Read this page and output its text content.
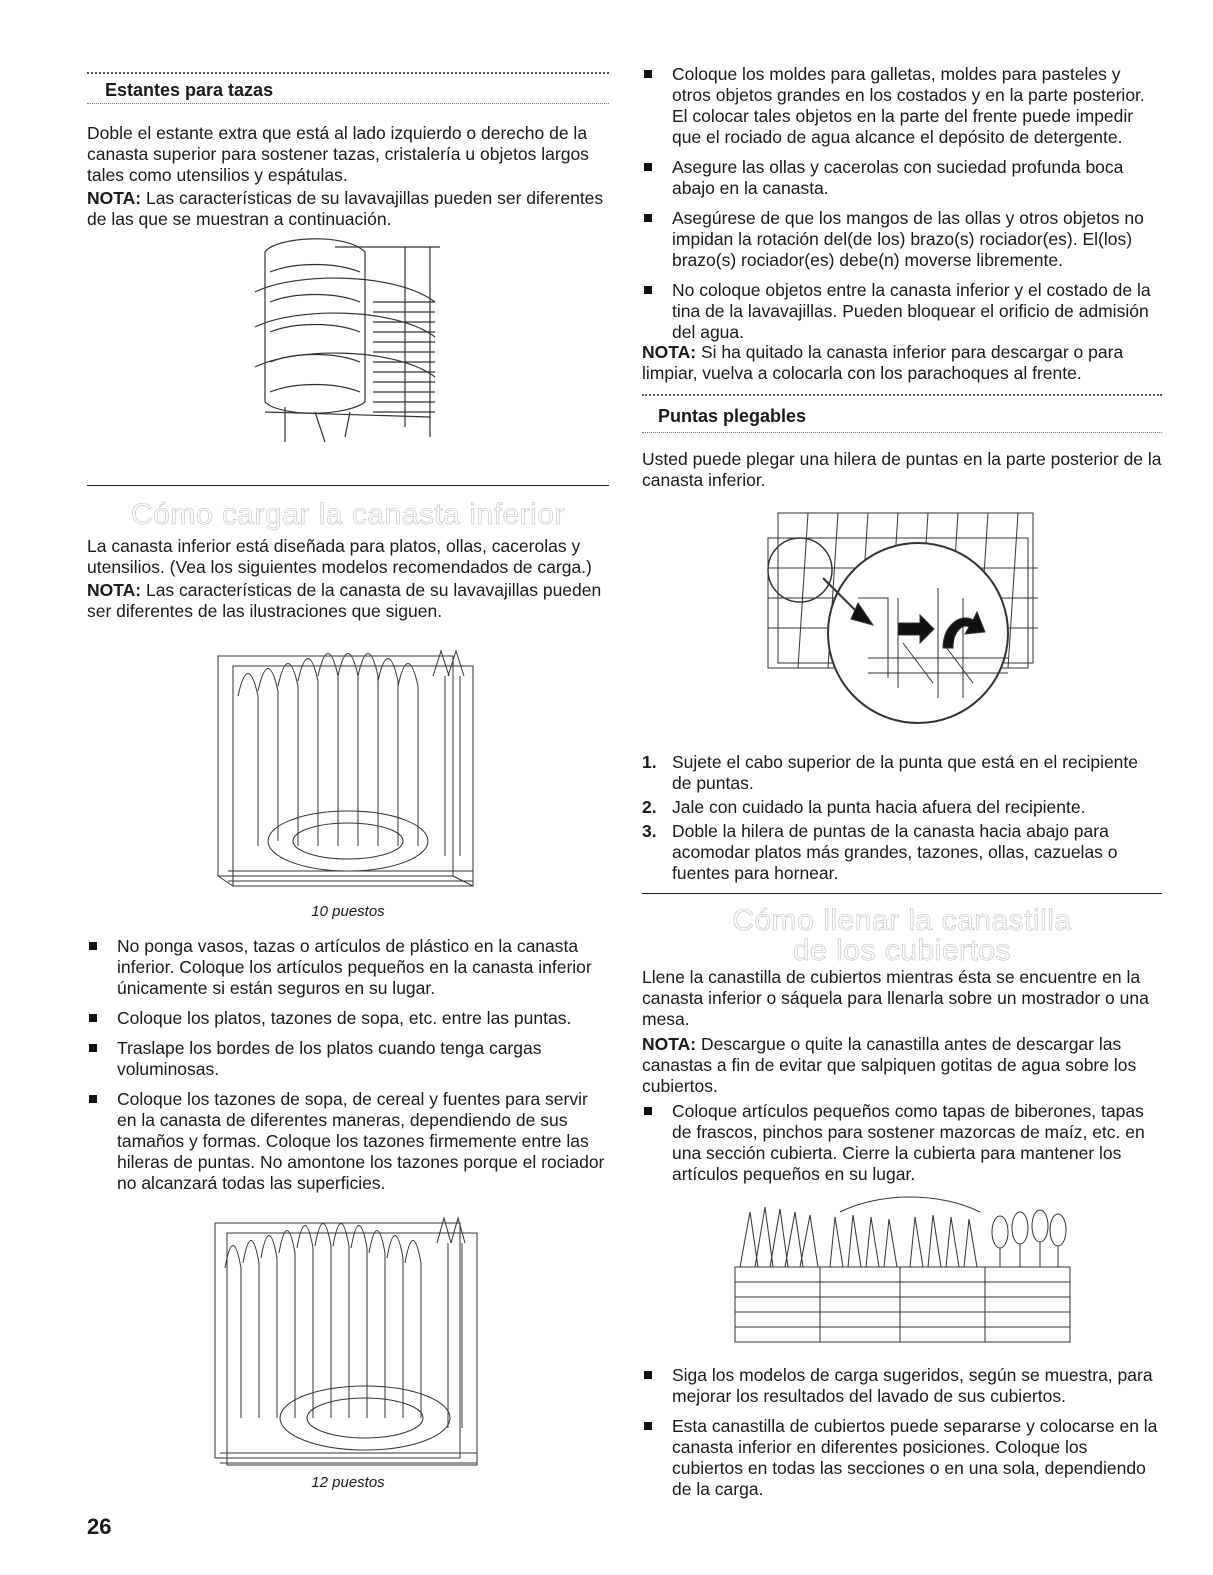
Estantes para tazas

Doble el estante extra que está al lado izquierdo o derecho de la canasta superior para sostener tazas, cristalería u objetos largos tales como utensilios y espátulas.

NOTA: Las características de su lavavajillas pueden ser diferentes de las que se muestran a continuación.

Cómo cargar la canasta inferior

La canasta inferior está diseñada para platos, ollas, cacerolas y utensilios. (Vea los siguientes modelos recomendados de carga.)

NOTA: Las características de la canasta de su lavavajillas pueden ser diferentes de las ilustraciones que siguen.

10 puestos
No ponga vasos, tazas o artículos de plástico en la canasta inferior. Coloque los artículos pequeños en la canasta inferior únicamente si están seguros en su lugar.
Coloque los platos, tazones de sopa, etc. entre las puntas.
Traslape los bordes de los platos cuando tenga cargas voluminosas.
Coloque los tazones de sopa, de cereal y fuentes para servir en la canasta de diferentes maneras, dependiendo de sus tamaños y formas. Coloque los tazones firmemente entre las hileras de puntas. No amontone los tazones porque el rociador no alcanzará todas las superficies.
12 puestos
26
Coloque los moldes para galletas, moldes para pasteles y otros objetos grandes en los costados y en la parte posterior. El colocar tales objetos en la parte del frente puede impedir que el rociado de agua alcance el depósito de detergente.
Asegure las ollas y cacerolas con suciedad profunda boca abajo en la canasta.
Asegúrese de que los mangos de las ollas y otros objetos no impidan la rotación del(de los) brazo(s) rociador(es). El(los) brazo(s) rociador(es) debe(n) moverse libremente.
No coloque objetos entre la canasta inferior y el costado de la tina de la lavavajillas. Pueden bloquear el orificio de admisión del agua.

NOTA: Si ha quitado la canasta inferior para descargar o para limpiar, vuelva a colocarla con los parachoques al frente.

Puntas plegables

Usted puede plegar una hilera de puntas en la parte posterior de la canasta inferior.

1. Sujete el cabo superior de la punta que está en el recipiente de puntas.
2. Jale con cuidado la punta hacia afuera del recipiente.
3. Doble la hilera de puntas de la canasta hacia abajo para acomodar platos más grandes, tazones, ollas, cazuelas o fuentes para hornear.
Cómo llenar la canastilla
de los cubiertos

Llene la canastilla de cubiertos mientras ésta se encuentre en la canasta inferior o sáquela para llenarla sobre un mostrador o una mesa.

NOTA: Descargue o quite la canastilla antes de descargar las canastas a fin de evitar que salpiquen gotitas de agua sobre los cubiertos.

Coloque artículos pequeños como tapas de biberones, tapas de frascos, pinchos para sostener mazorcas de maíz, etc. en una sección cubierta. Cierre la cubierta para mantener los artículos pequeños en su lugar.
Siga los modelos de carga sugeridos, según se muestra, para mejorar los resultados del lavado de sus cubiertos.
Esta canastilla de cubiertos puede separarse y colocarse en la canasta inferior en diferentes posiciones. Coloque los cubiertos en todas las secciones o en una sola, dependiendo de la carga.
